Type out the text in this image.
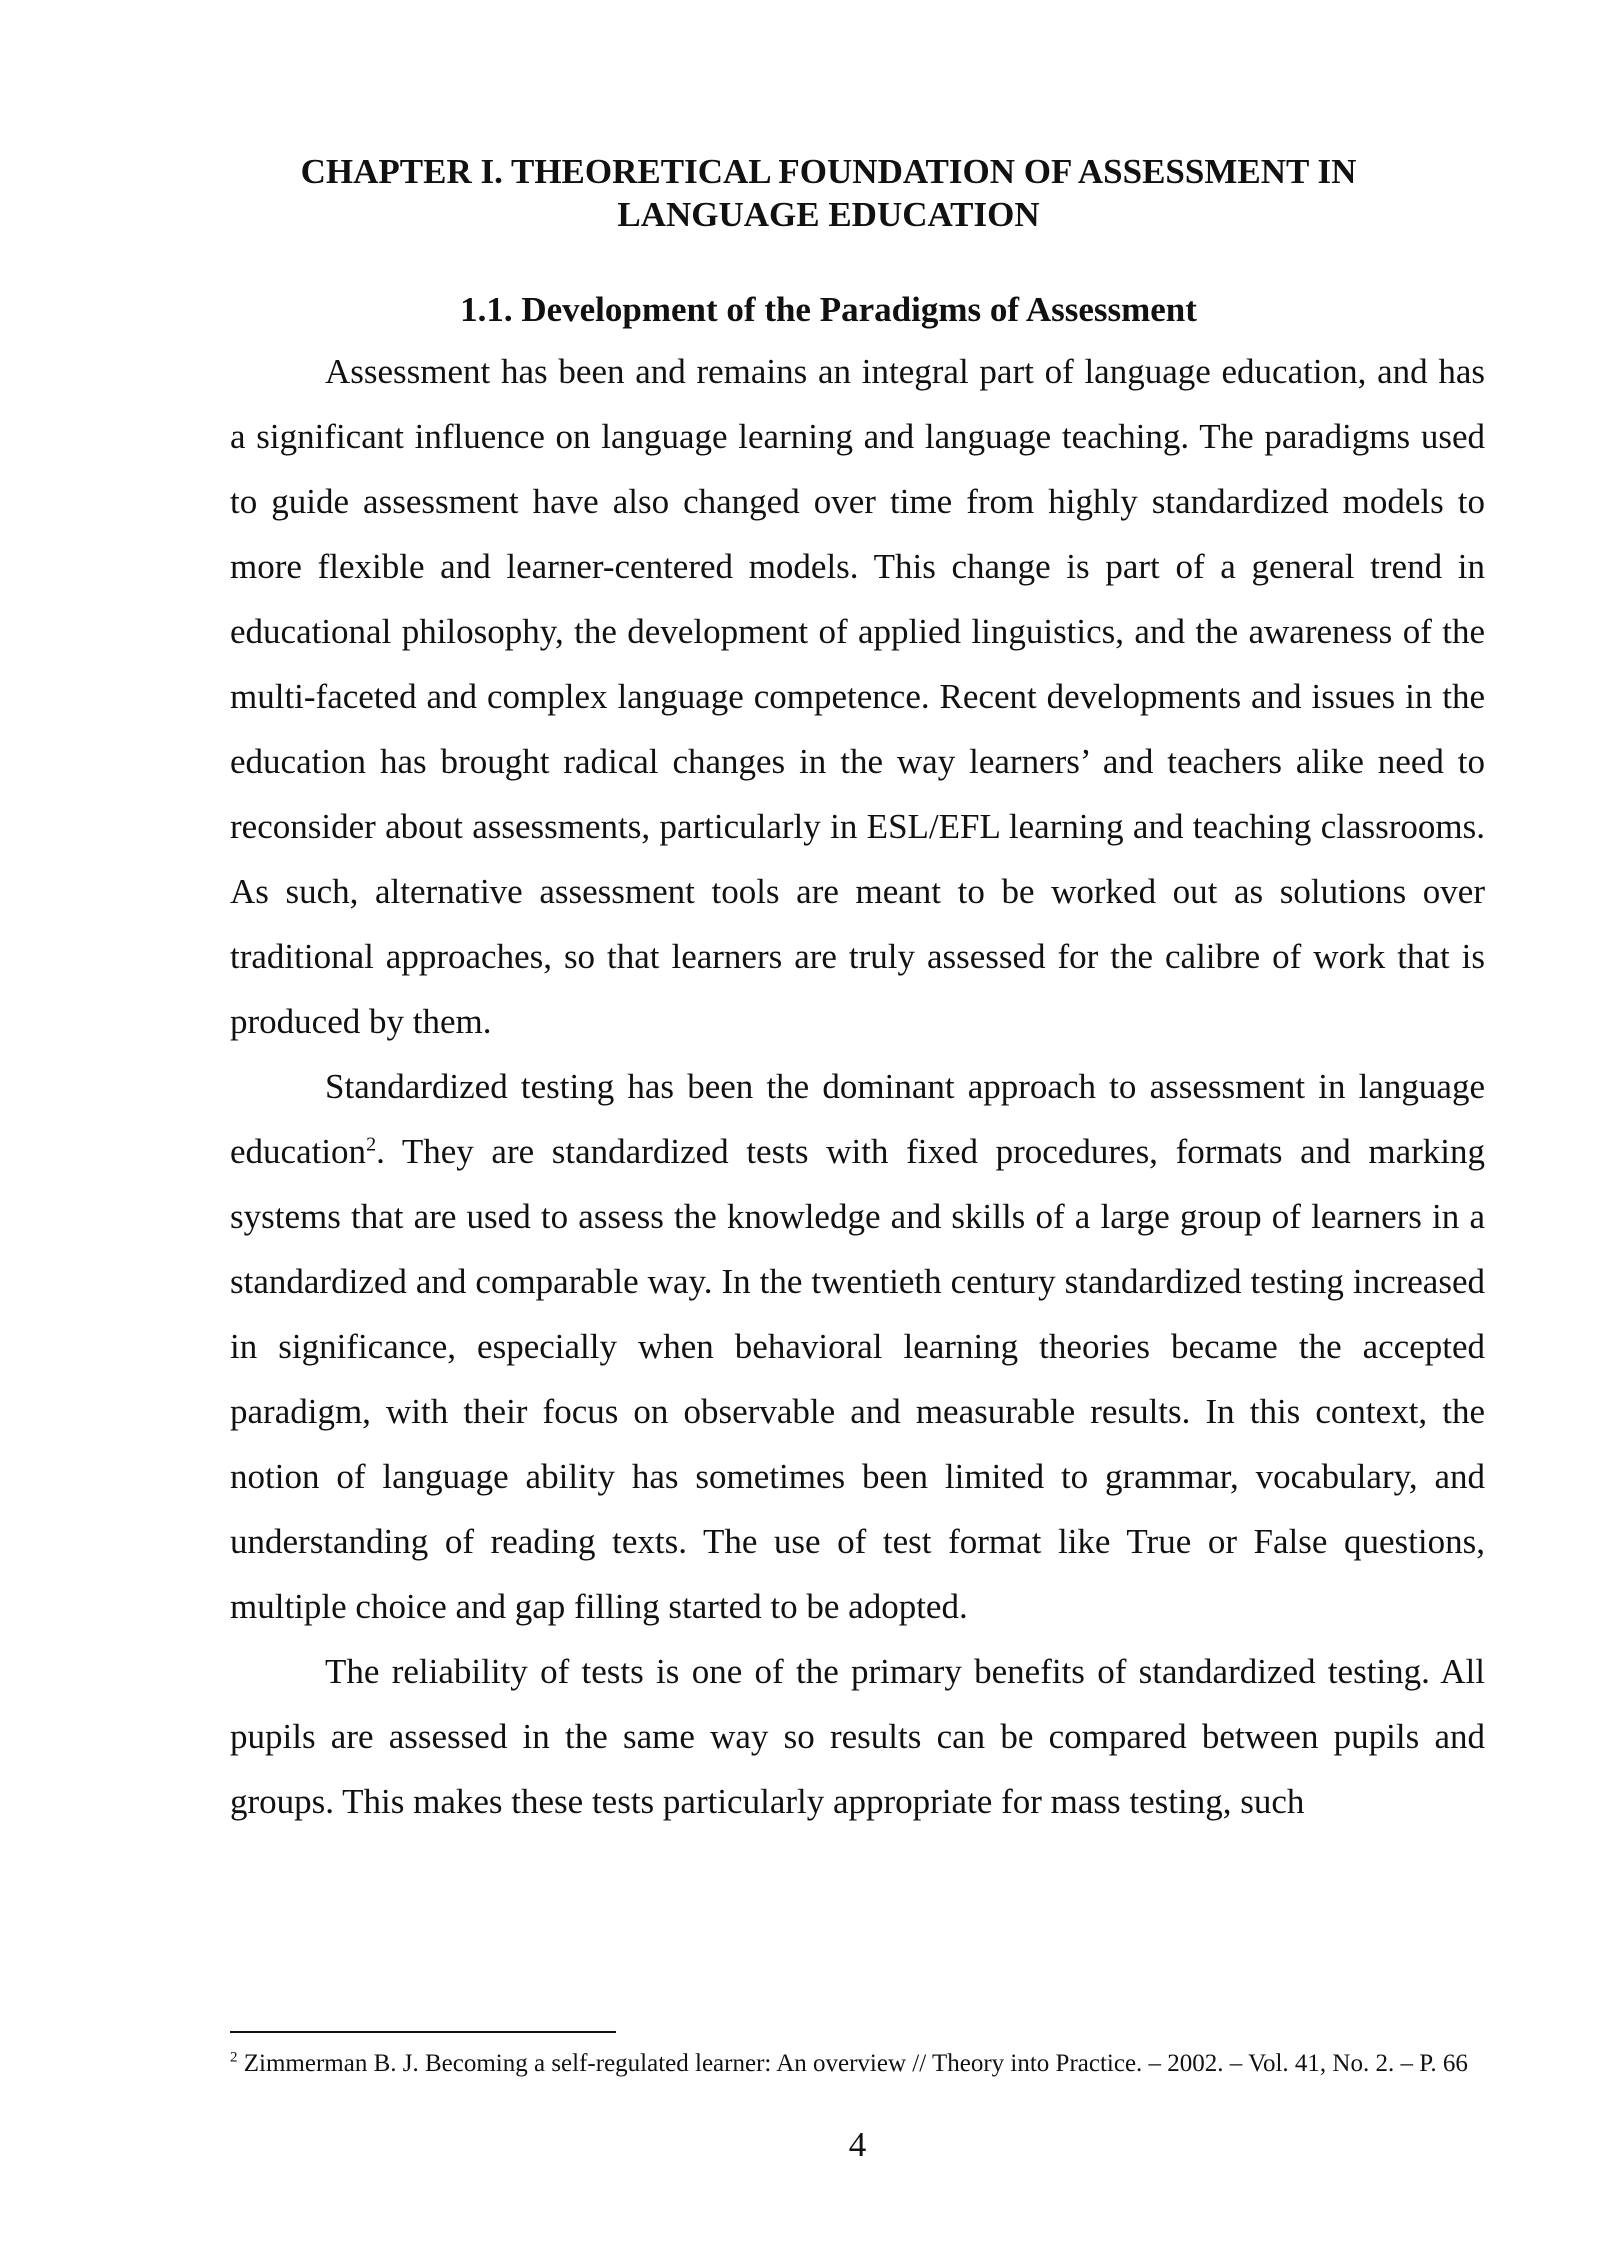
CHAPTER I. THEORETICAL FOUNDATION OF ASSESSMENT IN LANGUAGE EDUCATION
1.1. Development of the Paradigms of Assessment

Assessment has been and remains an integral part of language education, and has a significant influence on language learning and language teaching. The paradigms used to guide assessment have also changed over time from highly standardized models to more flexible and learner-centered models. This change is part of a general trend in educational philosophy, the development of applied linguistics, and the awareness of the multi-faceted and complex language competence. Recent developments and issues in the education has brought radical changes in the way learners’ and teachers alike need to reconsider about assessments, particularly in ESL/EFL learning and teaching classrooms. As such, alternative assessment tools are meant to be worked out as solutions over traditional approaches, so that learners are truly assessed for the calibre of work that is produced by them.

Standardized testing has been the dominant approach to assessment in language education$^2$. They are standardized tests with fixed procedures, formats and marking systems that are used to assess the knowledge and skills of a large group of learners in a standardized and comparable way. In the twentieth century standardized testing increased in significance, especially when behavioral learning theories became the accepted paradigm, with their focus on observable and measurable results. In this context, the notion of language ability has sometimes been limited to grammar, vocabulary, and understanding of reading texts. The use of test format like True or False questions, multiple choice and gap filling started to be adopted.

The reliability of tests is one of the primary benefits of standardized testing. All pupils are assessed in the same way so results can be compared between pupils and groups. This makes these tests particularly appropriate for mass testing, such

$^2$ Zimmerman B. J. Becoming a self-regulated learner: An overview // Theory into Practice. – 2002. – Vol. 41, No. 2. – P. 66

4
